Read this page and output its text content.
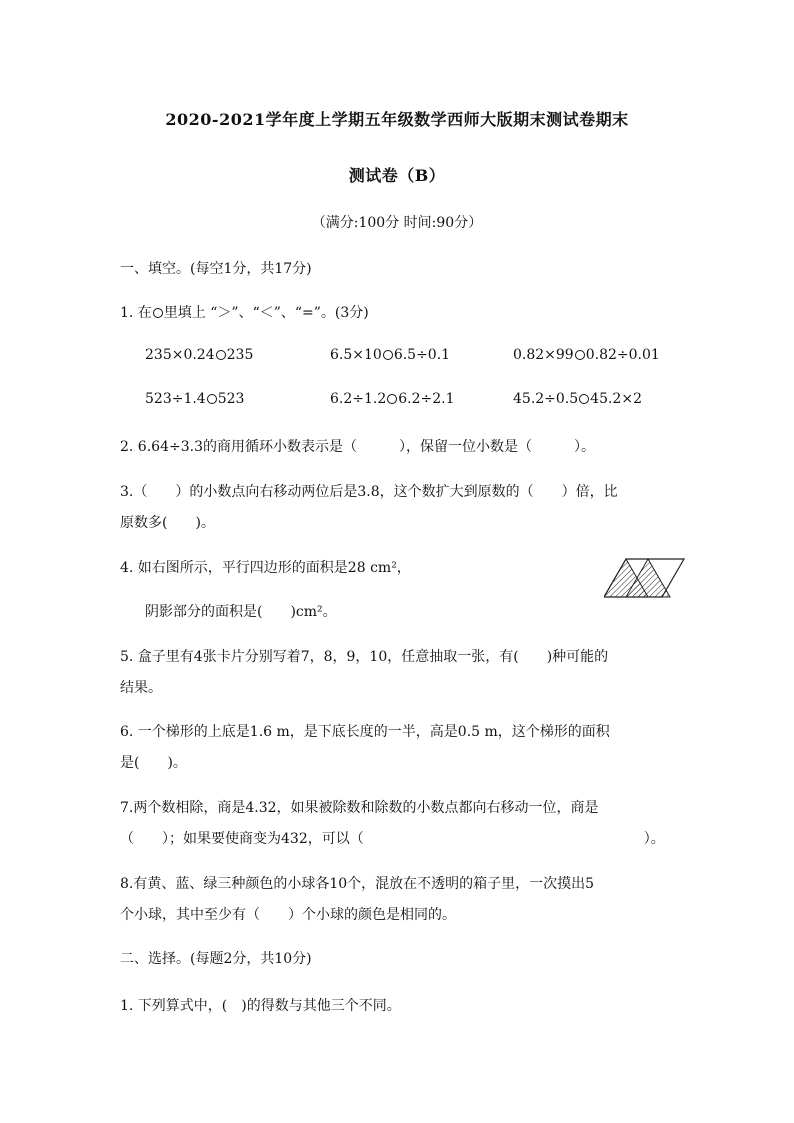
2020-2021学年度上学期五年级数学西师大版期末测试卷期末
测试卷（B）
（满分:100分 时间:90分）
一、填空。(每空1分，共17分)
1. 在 里填上 “＞”、“＜”、“=”。(3分)
235×0.24 235	6.5×10 6.5÷0.1	0.82×99 0.82÷0.01
523÷1.4 523	6.2÷1.2 6.2÷2.1	45.2÷0.5 45.2×2
2. 6.64÷3.3的商用循环小数表示是（　　　），保留一位小数是（　　　）。
3.（　　）的小数点向右移动两位后是3.8，这个数扩大到原数的（　　）倍，比
原数多(　　)。
4. 如右图所示，平行四边形的面积是28 cm²，
阴影部分的面积是(　　)cm²。
5. 盒子里有4张卡片分别写着7，8，9，10，任意抽取一张，有(　　)种可能的
结果。
6. 一个梯形的上底是1.6 m，是下底长度的一半，高是0.5 m，这个梯形的面积
是(　　)。
7.两个数相除，商是4.32，如果被除数和除数的小数点都向右移动一位，商是
（　　）；如果要使商变为432，可以（　　　　　　　　　　　　　　　　　　　　）。
8.有黄、蓝、绿三种颜色的小球各10个，混放在不透明的箱子里，一次摸出5
个小球，其中至少有（　　）个小球的颜色是相同的。
二、选择。(每题2分，共10分)
1. 下列算式中，(　)的得数与其他三个不同。
